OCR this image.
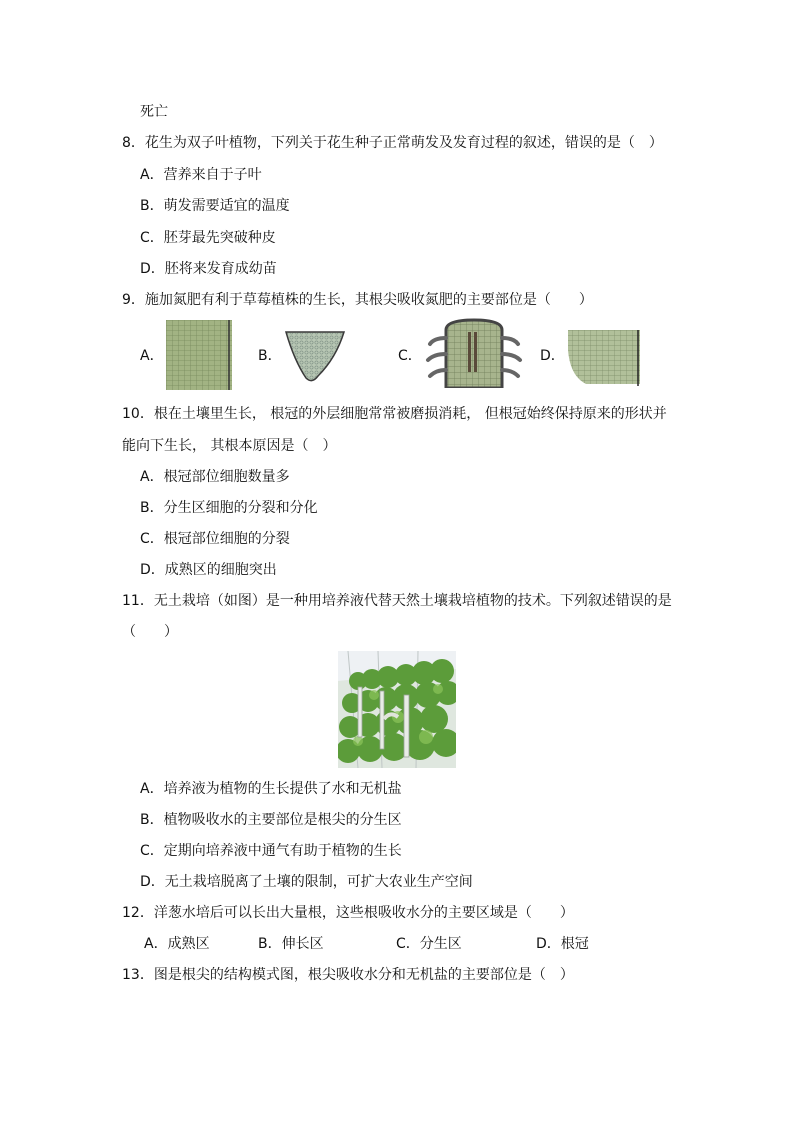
死亡
8．花生为双子叶植物，下列关于花生种子正常萌发及发育过程的叙述，错误的是（　）
A．营养来自于子叶
B．萌发需要适宜的温度
C．胚芽最先突破种皮
D．胚将来发育成幼苗
9．施加氮肥有利于草莓植株的生长，其根尖吸收氮肥的主要部位是（　　）
A．	B．	C．	D．
10．根在土壤里生长， 根冠的外层细胞常常被磨损消耗， 但根冠始终保持原来的形状并
能向下生长， 其根本原因是（　）
A．根冠部位细胞数量多
B．分生区细胞的分裂和分化
C．根冠部位细胞的分裂
D．成熟区的细胞突出
11．无土栽培（如图）是一种用培养液代替天然土壤栽培植物的技术。下列叙述错误的是
（　　）
A．培养液为植物的生长提供了水和无机盐
B．植物吸收水的主要部位是根尖的分生区
C．定期向培养液中通气有助于植物的生长
D．无土栽培脱离了土壤的限制，可扩大农业生产空间
12．洋葱水培后可以长出大量根，这些根吸收水分的主要区域是（　　）
A．成熟区	B．伸长区	C．分生区	D．根冠
13．图是根尖的结构模式图，根尖吸收水分和无机盐的主要部位是（　）
